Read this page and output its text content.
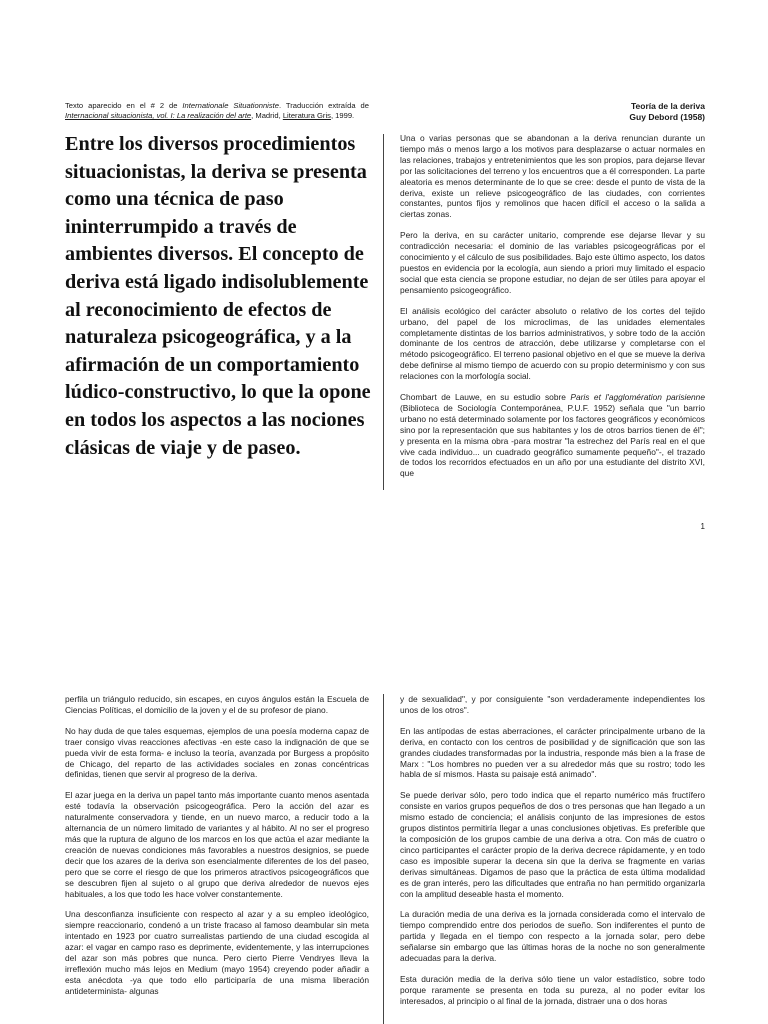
Texto aparecido en el # 2 de Internationale Situationniste. Traducción extraída de Internacional situacionista, vol. I: La realización del arte, Madrid, Literatura Gris, 1999.
Teoría de la deriva
Guy Debord (1958)
Entre los diversos procedimientos situacionistas, la deriva se presenta como una técnica de paso ininterrumpido a través de ambientes diversos. El concepto de deriva está ligado indisolublemente al reconocimiento de efectos de naturaleza psicogeográfica, y a la afirmación de un comportamiento lúdico-constructivo, lo que la opone en todos los aspectos a las nociones clásicas de viaje y de paseo.

Una o varias personas que se abandonan a la deriva renuncian durante un tiempo más o menos largo a los motivos para desplazarse o actuar normales en las relaciones, trabajos y entretenimientos que les son propios, para dejarse llevar por las solicitaciones del terreno y los encuentros que a él corresponden. La parte aleatoria es menos determinante de lo que se cree: desde el punto de vista de la deriva, existe un relieve psicogeográfico de las ciudades, con corrientes constantes, puntos fijos y remolinos que hacen difícil el acceso o la salida a ciertas zonas.

Pero la deriva, en su carácter unitario, comprende ese dejarse llevar y su contradicción necesaria: el dominio de las variables psicogeográficas por el conocimiento y el cálculo de sus posibilidades. Bajo este último aspecto, los datos puestos en evidencia por la ecología, aun siendo a priori muy limitado el espacio social que esta ciencia se propone estudiar, no dejan de ser útiles para apoyar el pensamiento psicogeográfico.

El análisis ecológico del carácter absoluto o relativo de los cortes del tejido urbano, del papel de los microclimas, de las unidades elementales completamente distintas de los barrios administrativos, y sobre todo de la acción dominante de los centros de atracción, debe utilizarse y completarse con el método psicogeográfico. El terreno pasional objetivo en el que se mueve la deriva debe definirse al mismo tiempo de acuerdo con su propio determinismo y con sus relaciones con la morfología social.

Chombart de Lauwe, en su estudio sobre Paris et l'agglomération parisienne (Biblioteca de Sociología Contemporánea, P.U.F. 1952) señala que "un barrio urbano no está determinado solamente por los factores geográficos y económicos sino por la representación que sus habitantes y los de otros barrios tienen de él"; y presenta en la misma obra -para mostrar "la estrechez del París real en el que vive cada individuo... un cuadrado geográfico sumamente pequeño"-, el trazado de todos los recorridos efectuados en un año por una estudiante del distrito XVI, que

1

perfila un triángulo reducido, sin escapes, en cuyos ángulos están la Escuela de Ciencias Políticas, el domicilio de la joven y el de su profesor de piano.

No hay duda de que tales esquemas, ejemplos de una poesía moderna capaz de traer consigo vivas reacciones afectivas -en este caso la indignación de que se pueda vivir de esta forma- e incluso la teoría, avanzada por Burgess a propósito de Chicago, del reparto de las actividades sociales en zonas concéntricas definidas, tienen que servir al progreso de la deriva.

El azar juega en la deriva un papel tanto más importante cuanto menos asentada esté todavía la observación psicogeográfica. Pero la acción del azar es naturalmente conservadora y tiende, en un nuevo marco, a reducir todo a la alternancia de un número limitado de variantes y al hábito. Al no ser el progreso más que la ruptura de alguno de los marcos en los que actúa el azar mediante la creación de nuevas condiciones más favorables a nuestros designios, se puede decir que los azares de la deriva son esencialmente diferentes de los del paseo, pero que se corre el riesgo de que los primeros atractivos psicogeográficos que se descubren fijen al sujeto o al grupo que deriva alrededor de nuevos ejes habituales, a los que todo les hace volver constantemente.

Una desconfianza insuficiente con respecto al azar y a su empleo ideológico, siempre reaccionario, condenó a un triste fracaso al famoso deambular sin meta intentado en 1923 por cuatro surrealistas partiendo de una ciudad escogida al azar: el vagar en campo raso es deprimente, evidentemente, y las interrupciones del azar son más pobres que nunca. Pero cierto Pierre Vendryes lleva la irreflexión mucho más lejos en Medium (mayo 1954) creyendo poder añadir a esta anécdota -ya que todo ello participaría de una misma liberación antideterminista- algunas

y de sexualidad", y por consiguiente "son verdaderamente independientes los unos de los otros".

En las antípodas de estas aberraciones, el carácter principalmente urbano de la deriva, en contacto con los centros de posibilidad y de significación que son las grandes ciudades transformadas por la industria, responde más bien a la frase de Marx : "Los hombres no pueden ver a su alrededor más que su rostro; todo les habla de sí mismos. Hasta su paisaje está animado".

Se puede derivar sólo, pero todo indica que el reparto numérico más fructífero consiste en varios grupos pequeños de dos o tres personas que han llegado a un mismo estado de conciencia; el análisis conjunto de las impresiones de estos grupos distintos permitiría llegar a unas conclusiones objetivas. Es preferible que la composición de los grupos cambie de una deriva a otra. Con más de cuatro o cinco participantes el carácter propio de la deriva decrece rápidamente, y en todo caso es imposible superar la decena sin que la deriva se fragmente en varias derivas simultáneas. Digamos de paso que la práctica de esta última modalidad es de gran interés, pero las dificultades que entraña no han permitido organizarla con la amplitud deseable hasta el momento.

La duración media de una deriva es la jornada considerada como el intervalo de tiempo comprendido entre dos periodos de sueño. Son indiferentes el punto de partida y llegada en el tiempo con respecto a la jornada solar, pero debe señalarse sin embargo que las últimas horas de la noche no son generalmente adecuadas para la deriva.

Esta duración media de la deriva sólo tiene un valor estadístico, sobre todo porque raramente se presenta en toda su pureza, al no poder evitar los interesados, al principio o al final de la jornada, distraer una o dos horas
